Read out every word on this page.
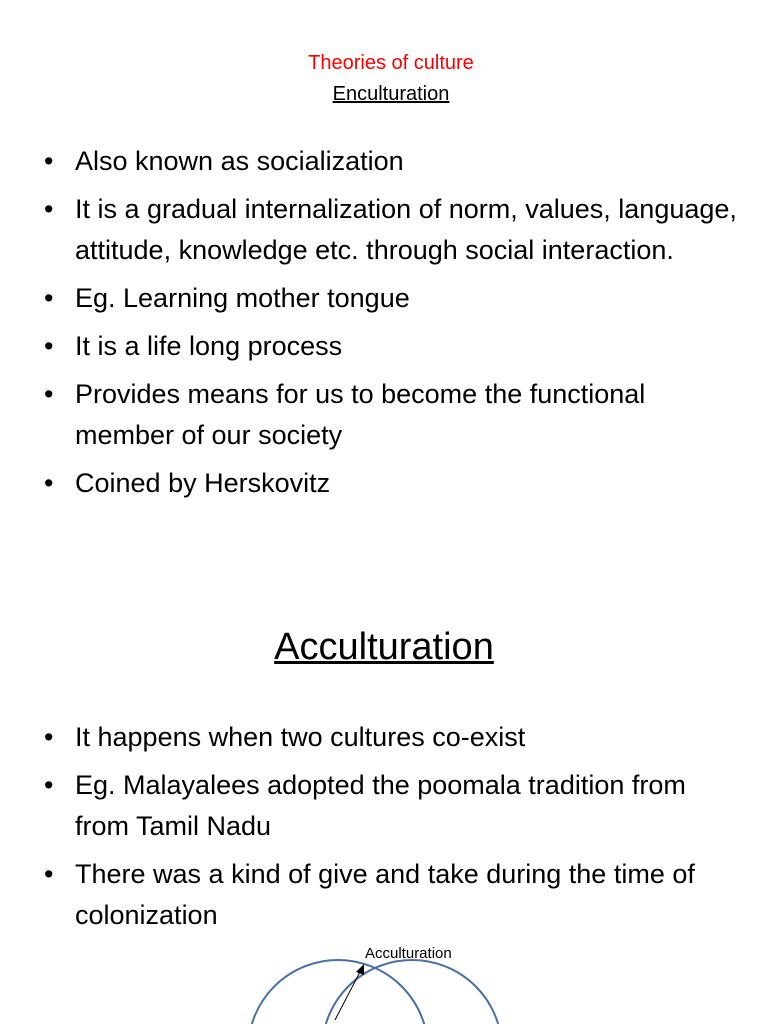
Theories of culture
Enculturation
• Also known as socialization
• It is a gradual internalization of norm, values, language, attitude, knowledge etc. through social interaction.
• Eg. Learning mother tongue
• It is a life long process
• Provides means for us to become the functional member of our society
• Coined by Herskovitz
Acculturation
• It happens when two cultures co-exist
• Eg. Malayalees adopted the poomala tradition from from Tamil Nadu
• There was a kind of give and take during the time of colonization
Acculturation
